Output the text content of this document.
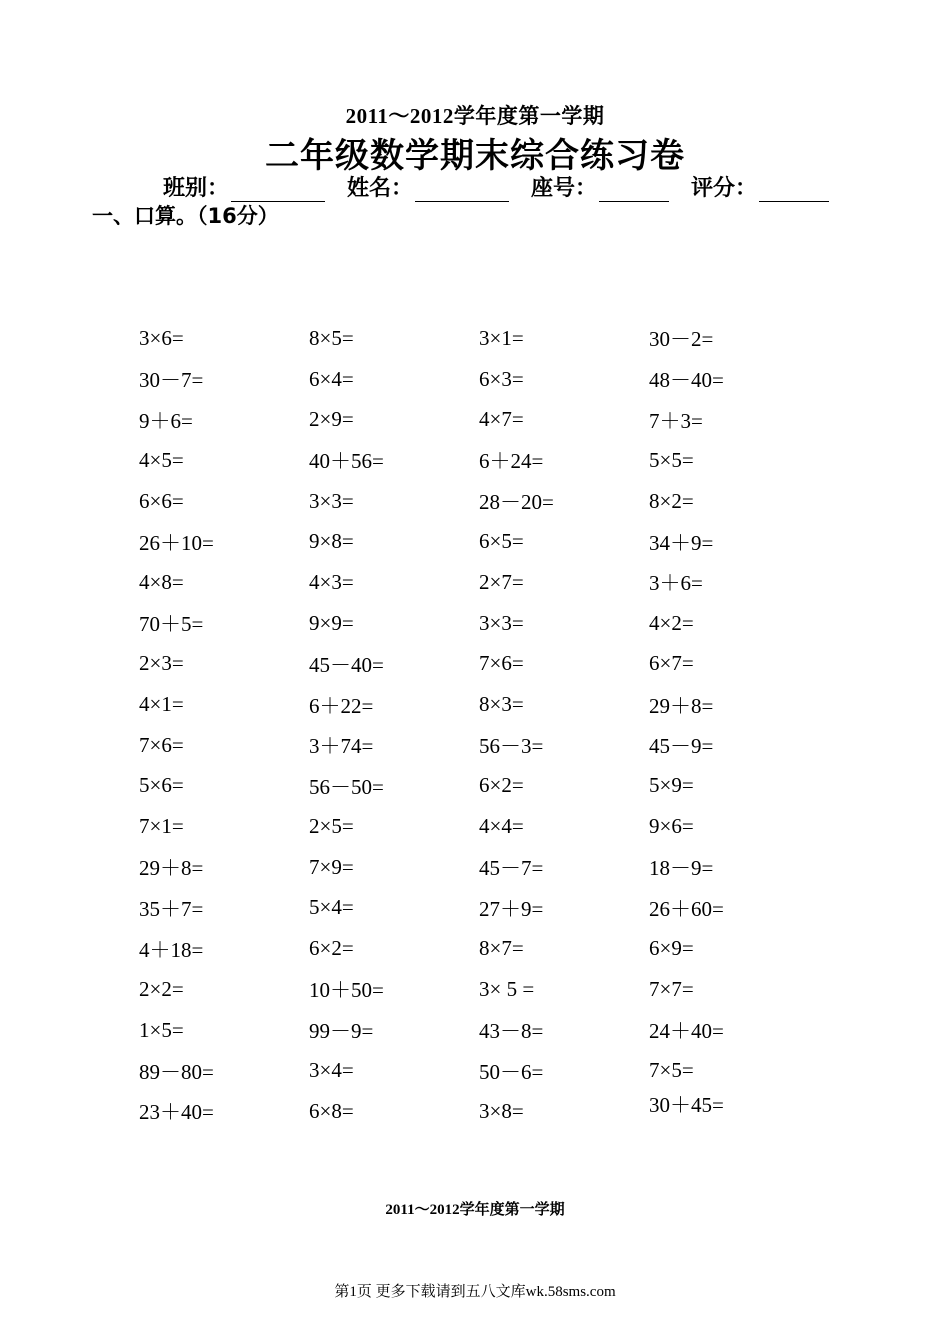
2011～2012学年度第一学期
二年级数学期末综合练习卷
班别：	姓名：	座号：	评分：
一、口算。（16分）
3×6=	8×5=	3×1=	30－2=
30－7=	6×4=	6×3=	48－40=
9＋6=	2×9=	4×7=	7＋3=
4×5=	40＋56=	6＋24=	5×5=
6×6=	3×3=	28－20=	8×2=
26＋10=	9×8=	6×5=	34＋9=
4×8=	4×3=	2×7=	3＋6=
70＋5=	9×9=	3×3=	4×2=
2×3=	45－40=	7×6=	6×7=
4×1=	6＋22=	8×3=	29＋8=
7×6=	3＋74=	56－3=	45－9=
5×6=	56－50=	6×2=	5×9=
7×1=	2×5=	4×4=	9×6=
29＋8=	7×9=	45－7=	18－9=
35＋7=	5×4=	27＋9=	26＋60=
4＋18=	6×2=	8×7=	6×9=
2×2=	10＋50=	3× 5 =	7×7=
1×5=	99－9=	43－8=	24＋40=
89－80=	3×4=	50－6=	7×5=
23＋40=	6×8=	3×8=	30＋45=
2011～2012学年度第一学期
第1页 更多下载请到五八文库wk.58sms.com
